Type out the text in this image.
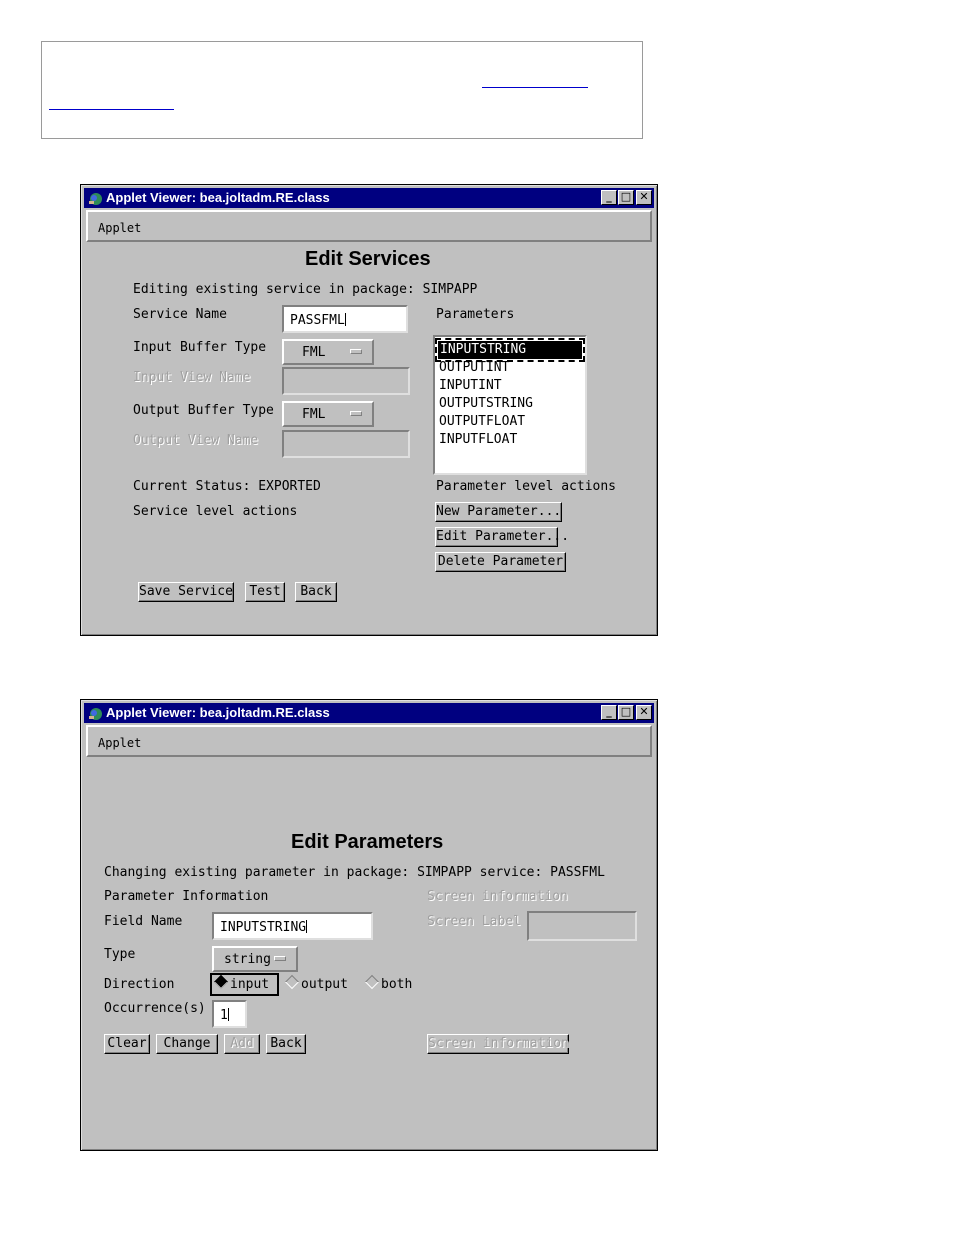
Applet Viewer: bea.joltadm.RE.class	_ □ ✕
Applet
Edit Services
Editing existing service in package: SIMPAPP
Service Name	PASSFML
Input Buffer Type	FML
Input View Name
Output Buffer Type FML
Output View Name
Parameters
INPUTSTRING
OUTPUTINT
INPUTINT
OUTPUTSTRING
OUTPUTFLOAT
INPUTFLOAT
Current Status: EXPORTED	Parameter level actions
Service level actions	New Parameter...
Edit Parameter...
Delete Parameter
Save Service	Test	Back
Applet Viewer: bea.joltadm.RE.class	_ □ ✕
Applet
Edit Parameters
Changing existing parameter in package: SIMPAPP service: PASSFML
Parameter Information	Screen information
Field Name	INPUTSTRING	Screen Label
Type	string
Direction	input	output	both
Occurrence(s)	1
Clear	Change	Add	Back	Screen information
